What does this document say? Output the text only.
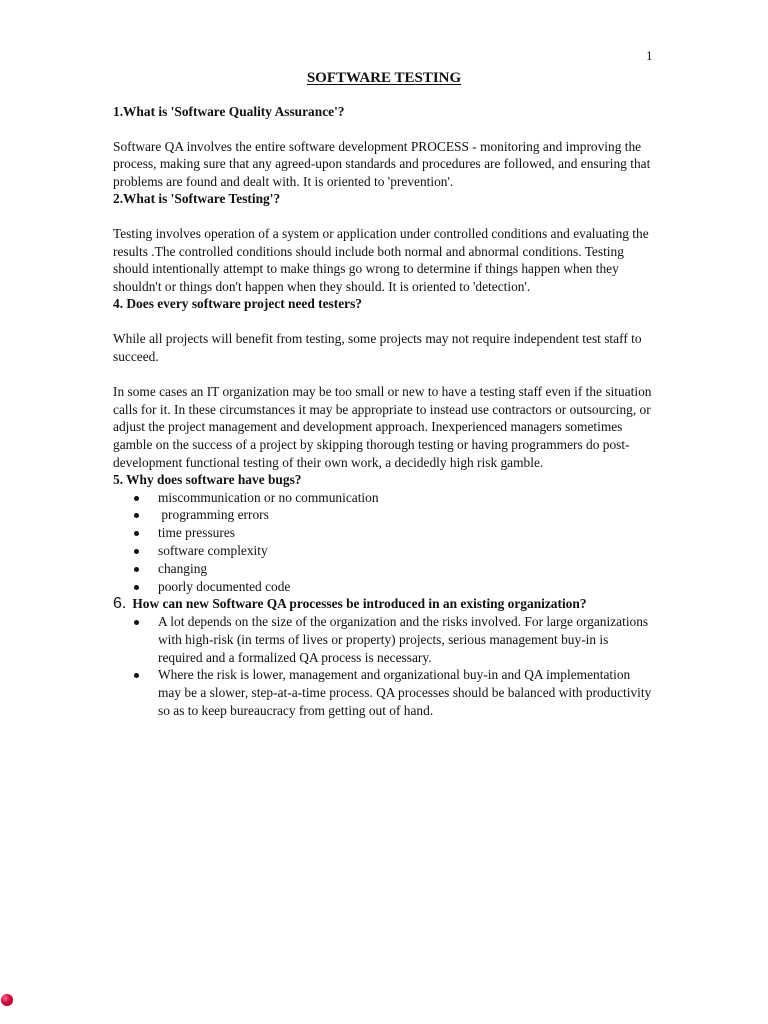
1
SOFTWARE TESTING
1.What is 'Software Quality Assurance'?

Software QA involves the entire software development PROCESS - monitoring and improving the process, making sure that any agreed-upon standards and procedures are followed, and ensuring that problems are found and dealt with. It is oriented to 'prevention'.

2.What is 'Software Testing'?

Testing involves operation of a system or application under controlled conditions and evaluating the results .The controlled conditions should include both normal and abnormal conditions. Testing should intentionally attempt to make things go wrong to determine if things happen when they shouldn't or things don't happen when they should. It is oriented to 'detection'.

4. Does every software project need testers?

While all projects will benefit from testing, some projects may not require independent test staff to succeed.

In some cases an IT organization may be too small or new to have a testing staff even if the situation calls for it. In these circumstances it may be appropriate to instead use contractors or outsourcing, or adjust the project management and development approach. Inexperienced managers sometimes gamble on the success of a project by skipping thorough testing or having programmers do post-development functional testing of their own work, a decidedly high risk gamble.

5. Why does software have bugs?
miscommunication or no communication
programming errors
time pressures
software complexity
changing
poorly documented code
6. How can new Software QA processes be introduced in an existing organization?
A lot depends on the size of the organization and the risks involved. For large organizations with high-risk (in terms of lives or property) projects, serious management buy-in is required and a formalized QA process is necessary.
Where the risk is lower, management and organizational buy-in and QA implementation may be a slower, step-at-a-time process. QA processes should be balanced with productivity so as to keep bureaucracy from getting out of hand.
